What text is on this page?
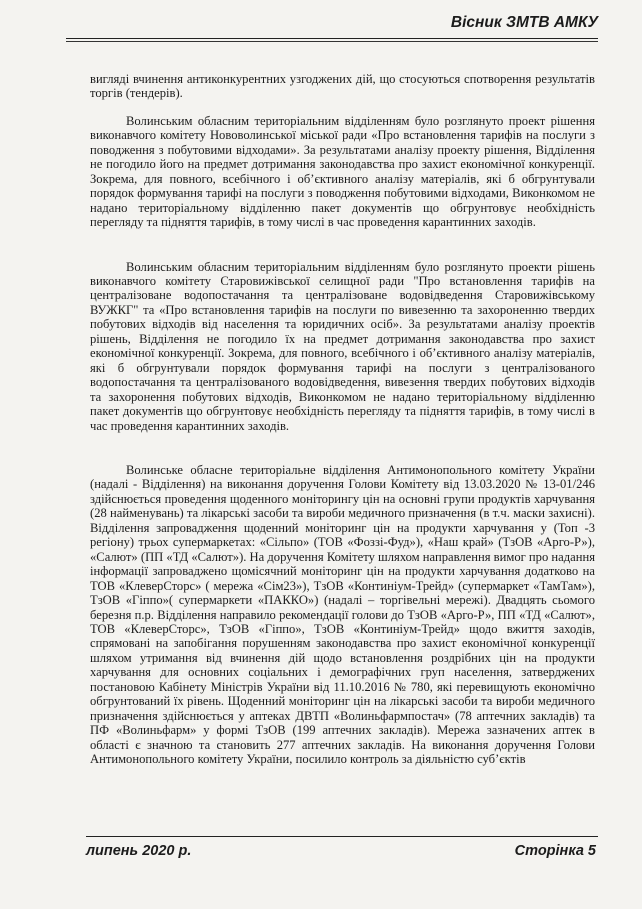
Вісник ЗМТВ АМКУ

вигляді вчинення антиконкурентних узгоджених дій, що стосуються спотворення результатів торгів (тендерів).

Волинським обласним територіальним відділенням було розглянуто проект рішення виконавчого комітету Нововолинської міської ради «Про встановлення тарифів на послуги з поводження з побутовими відходами». За результатами аналізу проекту рішення, Відділення не погодило його на предмет дотримання законодавства про захист економічної конкуренції. Зокрема, для повного, всебічного і об’єктивного аналізу матеріалів, які б обгрунтували порядок формування тарифі на послуги з поводження побутовими відходами, Виконкомом не надано територіальному відділенню пакет документів що обгрунтовує необхідність перегляду та підняття тарифів, в тому числі в час проведення карантинних заходів.

Волинським обласним територіальним відділенням було розглянуто проекти рішень виконавчого комітету Старовижівської селищної ради "Про встановлення тарифів на централізоване водопостачання та централізоване водовідведення Старовижівському ВУЖКГ" та «Про встановлення тарифів на послуги по вивезенню та захороненню твердих побутових відходів від населення та юридичних осіб». За результатами аналізу проектів рішень, Відділення не погодило їх на предмет дотримання законодавства про захист економічної конкуренції. Зокрема, для повного, всебічного і об’єктивного аналізу матеріалів, які б обгрунтували порядок формування тарифі на послуги з централізованого водопостачання та централізованого водовідведення, вивезення твердих побутових відходів та захоронення побутових відходів, Виконкомом не надано територіальному відділенню пакет документів що обгрунтовує необхідність перегляду та підняття тарифів, в тому числі в час проведення карантинних заходів.

Волинське обласне територіальне відділення Антимонопольного комітету України (надалі - Відділення) на виконання доручення Голови Комітету від 13.03.2020 № 13-01/246 здійснюється проведення щоденного моніторингу цін на основні групи продуктів харчування (28 найменувань) та лікарські засоби та вироби медичного призначення (в т.ч. маски захисні). Відділення запровадження щоденний моніторинг цін на продукти харчування у (Топ -3 регіону) трьох супермаркетах: «Сільпо» (ТОВ «Фоззі-Фуд»), «Наш край» (ТзОВ «Арго-Р»), «Салют» (ПП «ТД «Салют»). На доручення Комітету шляхом направлення вимог про надання інформації запроваджено щомісячний моніторинг цін на продукти харчування додатково на ТОВ «КлеверСторс» ( мережа «Сім23»), ТзОВ «Континіум-Трейд» (супермаркет «ТамТам»), ТзОВ «Гіппо»( супермаркети «ПАККО») (надалі – торгівельні мережі). Двадцять сьомого березня п.р. Відділення направило рекомендації голови до ТзОВ «Арго-Р», ПП «ТД «Салют», ТОВ «КлеверСторс», ТзОВ «Гіппо», ТзОВ «Континіум-Трейд» щодо вжиття заходів, спрямовані на запобігання порушенням законодавства про захист економічної конкуренції шляхом утримання від вчинення дій щодо встановлення роздрібних цін на продукти харчування для основних соціальних і демографічних груп населення, затверджених постановою Кабінету Міністрів України від 11.10.2016 № 780, які перевищують економічно обгрунтований їх рівень. Щоденний моніторинг цін на лікарські засоби та вироби медичного призначення здійснюється у аптеках ДВТП «Волиньфармпостач» (78 аптечних закладів) та ПФ «Волиньфарм» у формі ТзОВ (199 аптечних закладів). Мережа зазначених аптек в області є значною та становить 277 аптечних закладів. На виконання доручення Голови Антимонопольного комітету України, посилило контроль за діяльністю суб’єктів

липень 2020 р.	Сторінка 5
